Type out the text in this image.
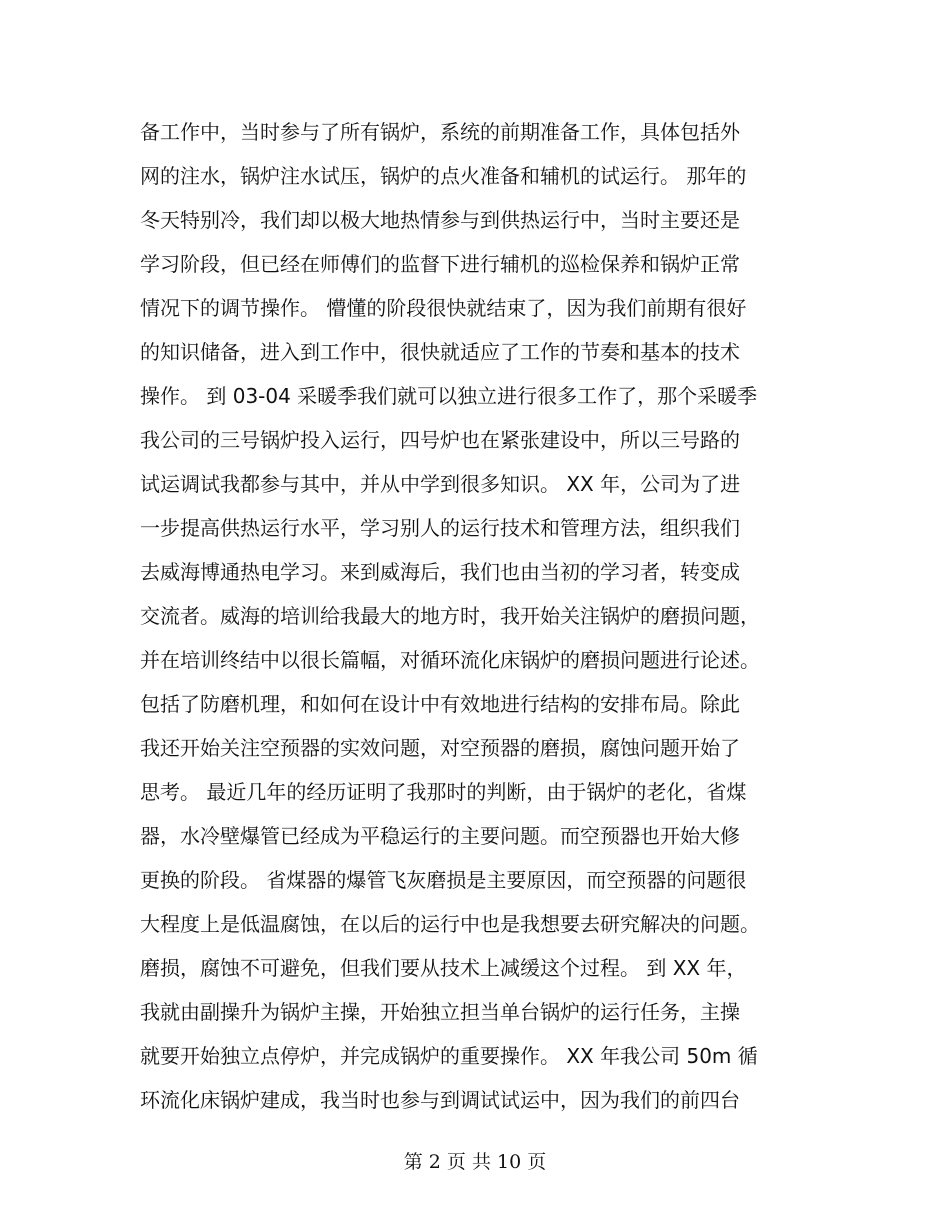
备工作中，当时参与了所有锅炉，系统的前期准备工作，具体包括外
网的注水，锅炉注水试压，锅炉的点火准备和辅机的试运行。 那年的
冬天特别冷，我们却以极大地热情参与到供热运行中，当时主要还是
学习阶段，但已经在师傅们的监督下进行辅机的巡检保养和锅炉正常
情况下的调节操作。 懵懂的阶段很快就结束了，因为我们前期有很好
的知识储备，进入到工作中，很快就适应了工作的节奏和基本的技术
操作。 到 03-04 采暖季我们就可以独立进行很多工作了，那个采暖季
我公司的三号锅炉投入运行，四号炉也在紧张建设中，所以三号路的
试运调试我都参与其中，并从中学到很多知识。 XX 年，公司为了进
一步提高供热运行水平，学习别人的运行技术和管理方法，组织我们
去威海博通热电学习。来到威海后，我们也由当初的学习者，转变成
交流者。威海的培训给我最大的地方时，我开始关注锅炉的磨损问题，
并在培训终结中以很长篇幅，对循环流化床锅炉的磨损问题进行论述。
包括了防磨机理，和如何在设计中有效地进行结构的安排布局。除此
我还开始关注空预器的实效问题，对空预器的磨损，腐蚀问题开始了
思考。 最近几年的经历证明了我那时的判断，由于锅炉的老化，省煤
器，水冷壁爆管已经成为平稳运行的主要问题。而空预器也开始大修
更换的阶段。 省煤器的爆管飞灰磨损是主要原因，而空预器的问题很
大程度上是低温腐蚀，在以后的运行中也是我想要去研究解决的问题。
磨损，腐蚀不可避免，但我们要从技术上减缓这个过程。 到 XX 年，
我就由副操升为锅炉主操，开始独立担当单台锅炉的运行任务，主操
就要开始独立点停炉，并完成锅炉的重要操作。 XX 年我公司 50m 循
环流化床锅炉建成，我当时也参与到调试试运中，因为我们的前四台
第 2 页 共 10 页
